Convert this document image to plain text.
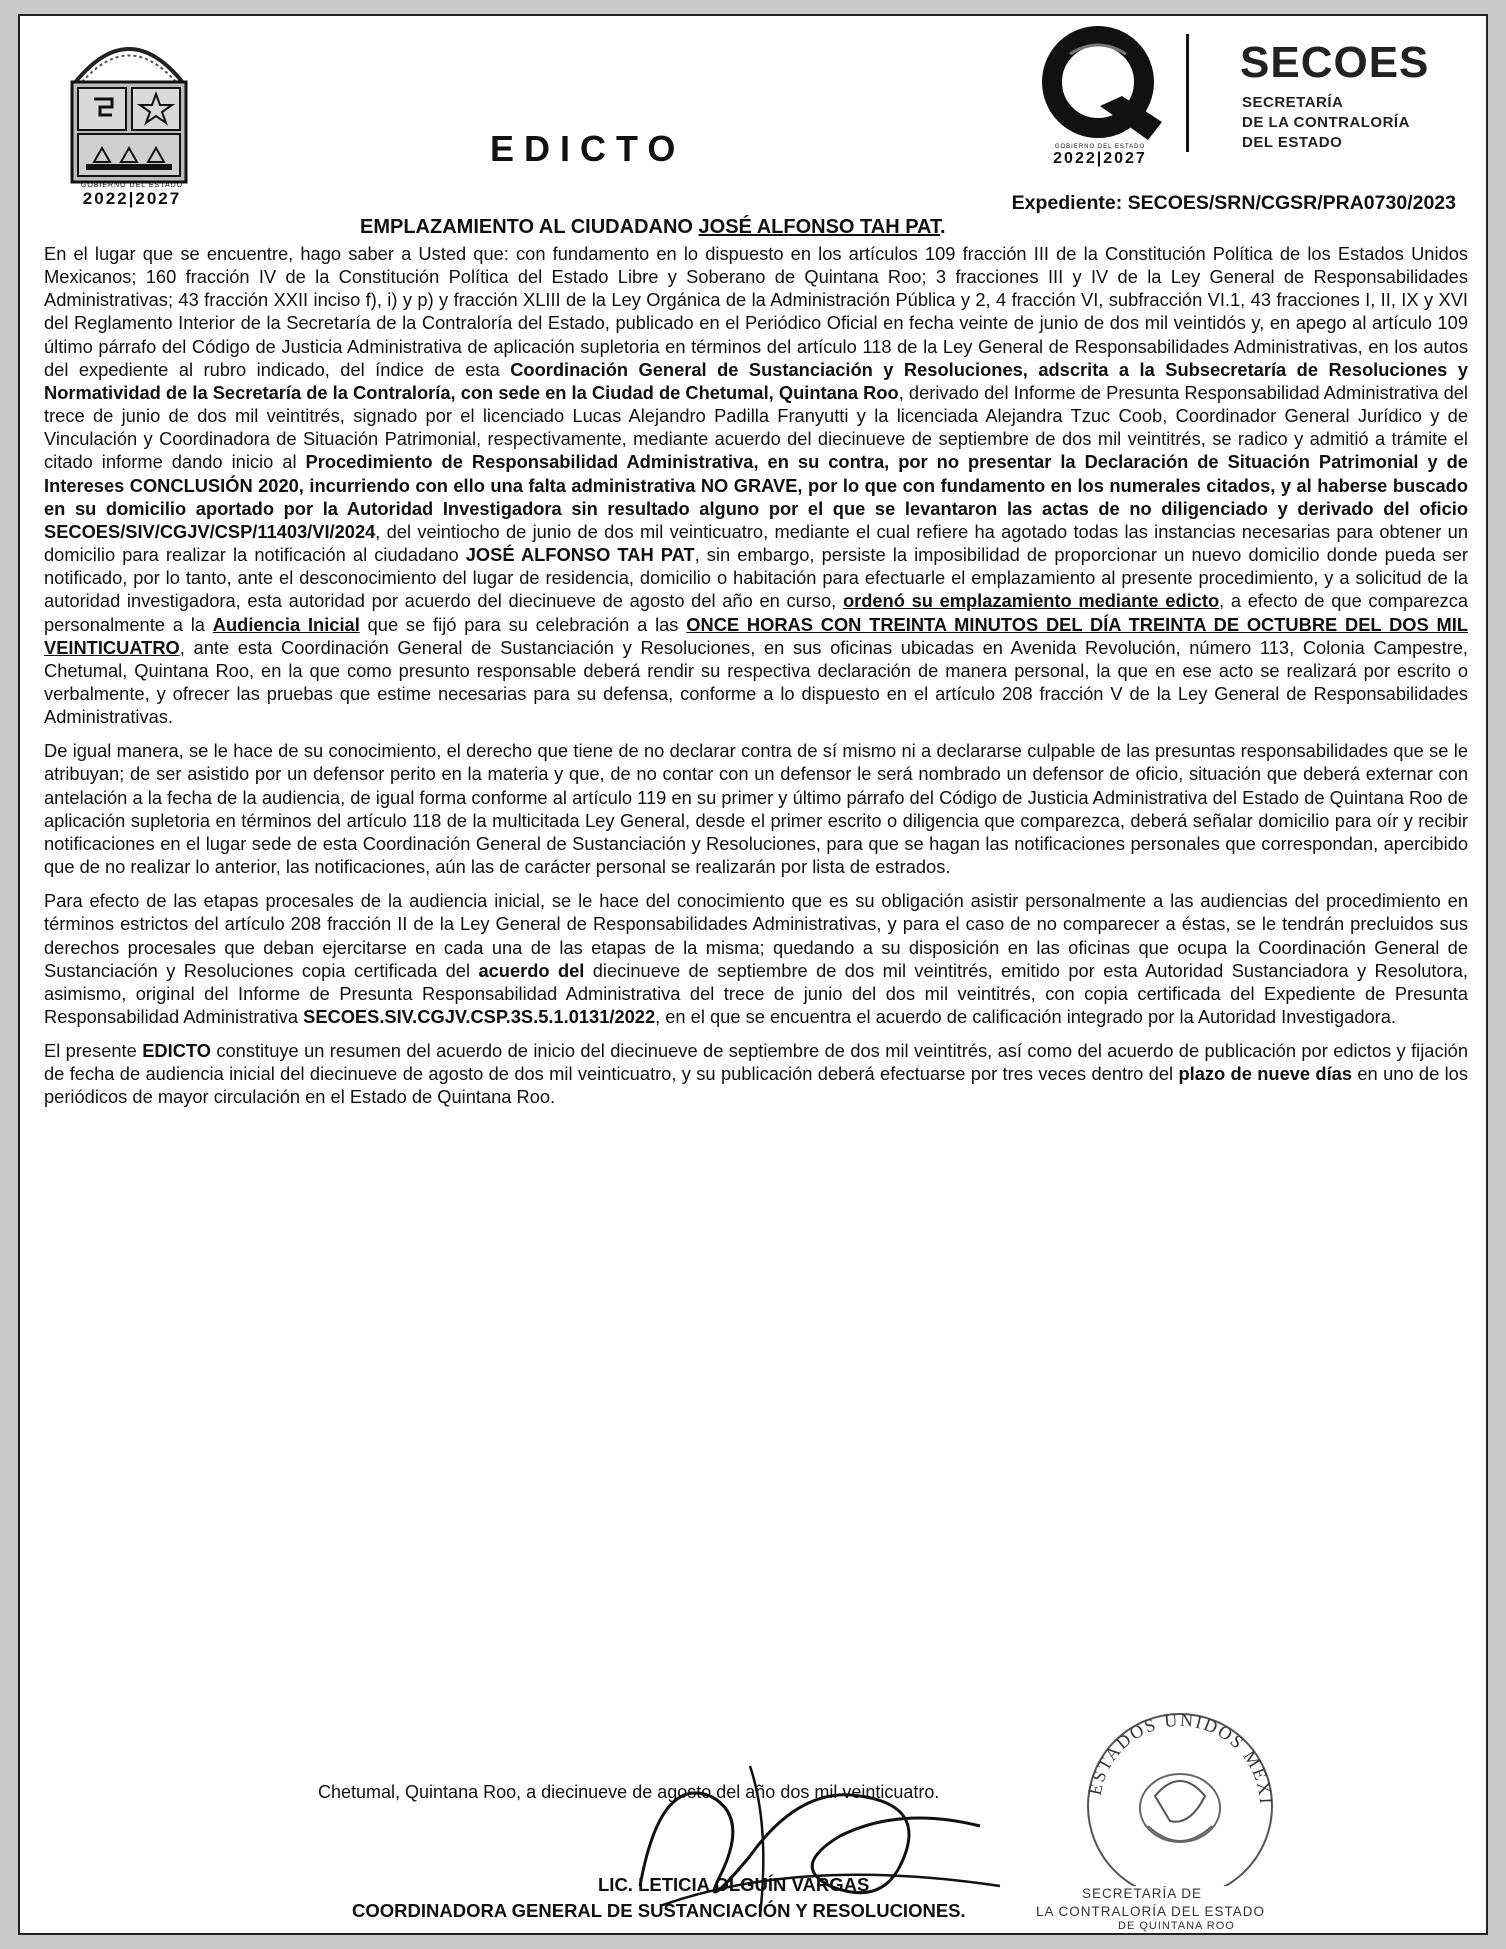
GOBIERNO DEL ESTADO
2022|2027
EDICTO	GOBIERNO DEL ESTADO
2022|2027
SECOES
SECRETARÍA
DE LA CONTRALORÍA
DEL ESTADO
Expediente: SECOES/SRN/CGSR/PRA0730/2023
EMPLAZAMIENTO AL CIUDADANO JOSÉ ALFONSO TAH PAT.

En el lugar que se encuentre, hago saber a Usted que: con fundamento en lo dispuesto en los artículos 109 fracción III de la Constitución Política de los Estados Unidos Mexicanos; 160 fracción IV de la Constitución Política del Estado Libre y Soberano de Quintana Roo; 3 fracciones III y IV de la Ley General de Responsabilidades Administrativas; 43 fracción XXII inciso f), i) y p) y fracción XLIII de la Ley Orgánica de la Administración Pública y 2, 4 fracción VI, subfracción VI.1, 43 fracciones I, II, IX y XVI del Reglamento Interior de la Secretaría de la Contraloría del Estado, publicado en el Periódico Oficial en fecha veinte de junio de dos mil veintidós y, en apego al artículo 109 último párrafo del Código de Justicia Administrativa de aplicación supletoria en términos del artículo 118 de la Ley General de Responsabilidades Administrativas, en los autos del expediente al rubro indicado, del índice de esta Coordinación General de Sustanciación y Resoluciones, adscrita a la Subsecretaría de Resoluciones y Normatividad de la Secretaría de la Contraloría, con sede en la Ciudad de Chetumal, Quintana Roo, derivado del Informe de Presunta Responsabilidad Administrativa del trece de junio de dos mil veintitrés, signado por el licenciado Lucas Alejandro Padilla Franyutti y la licenciada Alejandra Tzuc Coob, Coordinador General Jurídico y de Vinculación y Coordinadora de Situación Patrimonial, respectivamente, mediante acuerdo del diecinueve de septiembre de dos mil veintitrés, se radico y admitió a trámite el citado informe dando inicio al Procedimiento de Responsabilidad Administrativa, en su contra, por no presentar la Declaración de Situación Patrimonial y de Intereses CONCLUSIÓN 2020, incurriendo con ello una falta administrativa NO GRAVE, por lo que con fundamento en los numerales citados, y al haberse buscado en su domicilio aportado por la Autoridad Investigadora sin resultado alguno por el que se levantaron las actas de no diligenciado y derivado del oficio SECOES/SIV/CGJV/CSP/11403/VI/2024, del veintiocho de junio de dos mil veinticuatro, mediante el cual refiere ha agotado todas las instancias necesarias para obtener un domicilio para realizar la notificación al ciudadano JOSÉ ALFONSO TAH PAT, sin embargo, persiste la imposibilidad de proporcionar un nuevo domicilio donde pueda ser notificado, por lo tanto, ante el desconocimiento del lugar de residencia, domicilio o habitación para efectuarle el emplazamiento al presente procedimiento, y a solicitud de la autoridad investigadora, esta autoridad por acuerdo del diecinueve de agosto del año en curso, ordenó su emplazamiento mediante edicto, a efecto de que comparezca personalmente a la Audiencia Inicial que se fijó para su celebración a las ONCE HORAS CON TREINTA MINUTOS DEL DÍA TREINTA DE OCTUBRE DEL DOS MIL VEINTICUATRO, ante esta Coordinación General de Sustanciación y Resoluciones, en sus oficinas ubicadas en Avenida Revolución, número 113, Colonia Campestre, Chetumal, Quintana Roo, en la que como presunto responsable deberá rendir su respectiva declaración de manera personal, la que en ese acto se realizará por escrito o verbalmente, y ofrecer las pruebas que estime necesarias para su defensa, conforme a lo dispuesto en el artículo 208 fracción V de la Ley General de Responsabilidades Administrativas.

De igual manera, se le hace de su conocimiento, el derecho que tiene de no declarar contra de sí mismo ni a declararse culpable de las presuntas responsabilidades que se le atribuyan; de ser asistido por un defensor perito en la materia y que, de no contar con un defensor le será nombrado un defensor de oficio, situación que deberá externar con antelación a la fecha de la audiencia, de igual forma conforme al artículo 119 en su primer y último párrafo del Código de Justicia Administrativa del Estado de Quintana Roo de aplicación supletoria en términos del artículo 118 de la multicitada Ley General, desde el primer escrito o diligencia que comparezca, deberá señalar domicilio para oír y recibir notificaciones en el lugar sede de esta Coordinación General de Sustanciación y Resoluciones, para que se hagan las notificaciones personales que correspondan, apercibido que de no realizar lo anterior, las notificaciones, aún las de carácter personal se realizarán por lista de estrados.

Para efecto de las etapas procesales de la audiencia inicial, se le hace del conocimiento que es su obligación asistir personalmente a las audiencias del procedimiento en términos estrictos del artículo 208 fracción II de la Ley General de Responsabilidades Administrativas, y para el caso de no comparecer a éstas, se le tendrán precluidos sus derechos procesales que deban ejercitarse en cada una de las etapas de la misma; quedando a su disposición en las oficinas que ocupa la Coordinación General de Sustanciación y Resoluciones copia certificada del acuerdo del diecinueve de septiembre de dos mil veintitrés, emitido por esta Autoridad Sustanciadora y Resolutora, asimismo, original del Informe de Presunta Responsabilidad Administrativa del trece de junio del dos mil veintitrés, con copia certificada del Expediente de Presunta Responsabilidad Administrativa SECOES.SIV.CGJV.CSP.3S.5.1.0131/2022, en el que se encuentra el acuerdo de calificación integrado por la Autoridad Investigadora.

El presente EDICTO constituye un resumen del acuerdo de inicio del diecinueve de septiembre de dos mil veintitrés, así como del acuerdo de publicación por edictos y fijación de fecha de audiencia inicial del diecinueve de agosto de dos mil veinticuatro, y su publicación deberá efectuarse por tres veces dentro del plazo de nueve días en uno de los periódicos de mayor circulación en el Estado de Quintana Roo.

ESTADOS UNIDOS MEXI
SECRETARÍA DE
LA CONTRALORÍA DEL ESTADO
DE QUINTANA ROO
Chetumal, Quintana Roo, a diecinueve de agosto del año dos mil veinticuatro.
LIC. LETICIA OLGUÍN VARGAS
COORDINADORA GENERAL DE SUSTANCIACIÓN Y RESOLUCIONES.
